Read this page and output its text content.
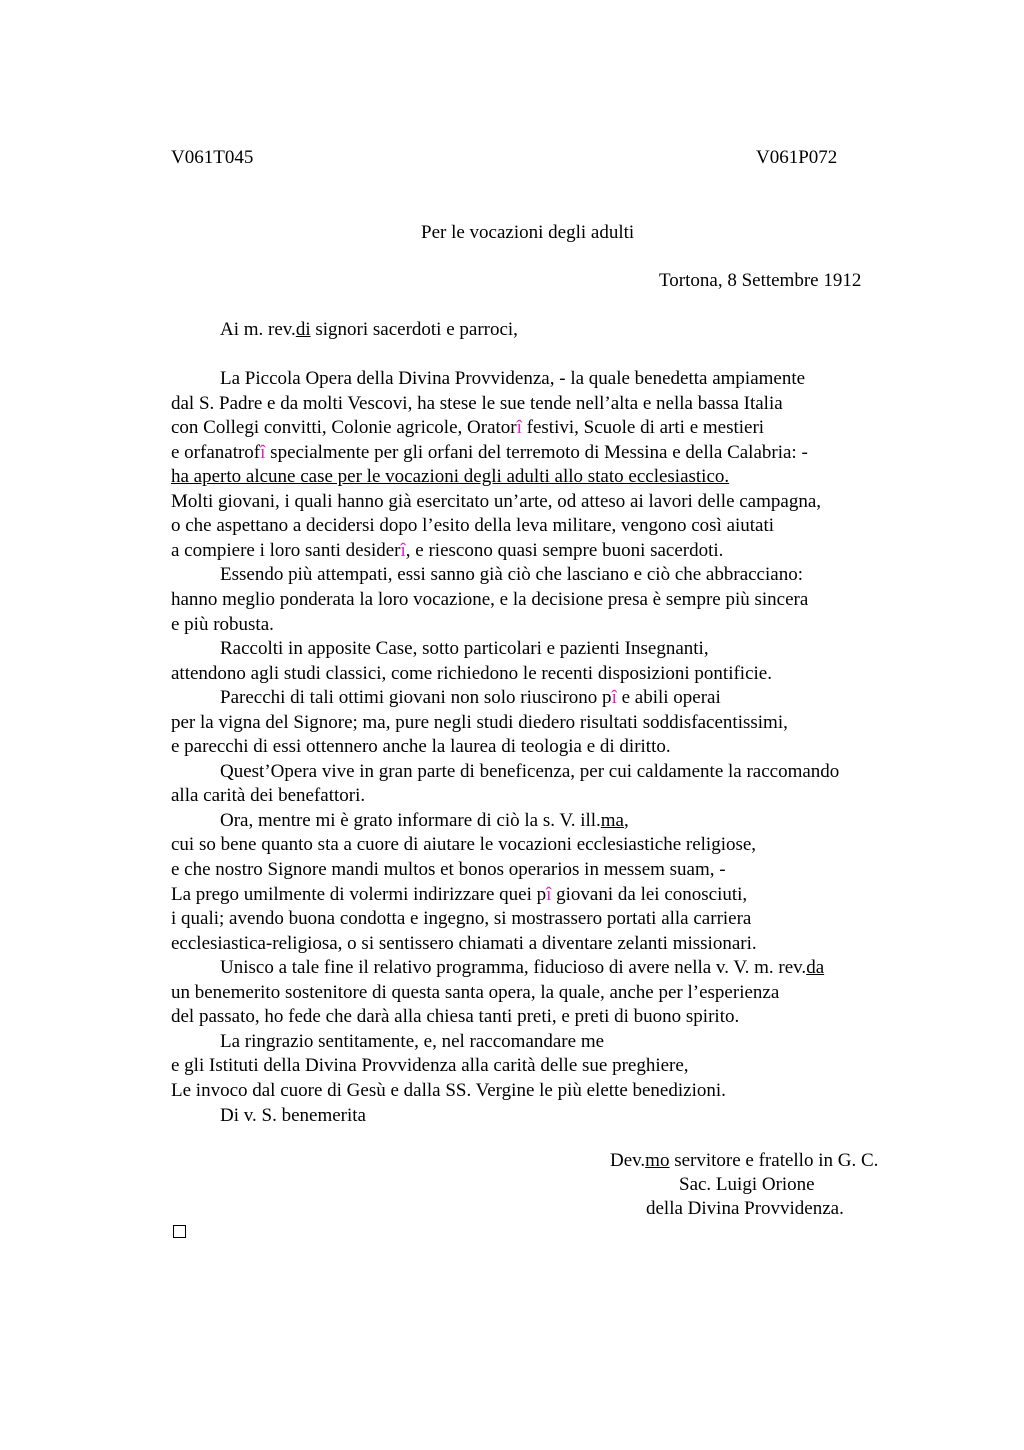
V061T045	V061P072
Per le vocazioni degli adulti
Tortona, 8 Settembre 1912
Ai m. rev.di signori sacerdoti e parroci,
La Piccola Opera della Divina Provvidenza, - la quale benedetta ampiamente
dal S. Padre e da molti Vescovi, ha stese le sue tende nell’alta e nella bassa Italia
con Collegi convitti, Colonie agricole, Oratorî festivi, Scuole di arti e mestieri
e orfanatrofî specialmente per gli orfani del terremoto di Messina e della Calabria: -
ha aperto alcune case per le vocazioni degli adulti allo stato ecclesiastico.
Molti giovani, i quali hanno già esercitato un’arte, od atteso ai lavori delle campagna,
o che aspettano a decidersi dopo l’esito della leva militare, vengono così aiutati
a compiere i loro santi desiderî, e riescono quasi sempre buoni sacerdoti.
Essendo più attempati, essi sanno già ciò che lasciano e ciò che abbracciano:
hanno meglio ponderata la loro vocazione, e la decisione presa è sempre più sincera
e più robusta.
Raccolti in apposite Case, sotto particolari e pazienti Insegnanti,
attendono agli studi classici, come richiedono le recenti disposizioni pontificie.
Parecchi di tali ottimi giovani non solo riuscirono pî e abili operai
per la vigna del Signore; ma, pure negli studi diedero risultati soddisfacentissimi,
e parecchi di essi ottennero anche la laurea di teologia e di diritto.
Quest’Opera vive in gran parte di beneficenza, per cui caldamente la raccomando
alla carità dei benefattori.
Ora, mentre mi è grato informare di ciò la s. V. ill.ma,
cui so bene quanto sta a cuore di aiutare le vocazioni ecclesiastiche religiose,
e che nostro Signore mandi multos et bonos operarios in messem suam, -
La prego umilmente di volermi indirizzare quei pî giovani da lei conosciuti,
i quali; avendo buona condotta e ingegno, si mostrassero portati alla carriera
ecclesiastica-religiosa, o si sentissero chiamati a diventare zelanti missionari.
Unisco a tale fine il relativo programma, fiducioso di avere nella v. V. m. rev.da
un benemerito sostenitore di questa santa opera, la quale, anche per l’esperienza
del passato, ho fede che darà alla chiesa tanti preti, e preti di buono spirito.
La ringrazio sentitamente, e, nel raccomandare me
e gli Istituti della Divina Provvidenza alla carità delle sue preghiere,
Le invoco dal cuore di Gesù e dalla SS. Vergine le più elette benedizioni.
Di v. S. benemerita
Dev.mo servitore e fratello in G. C.
Sac. Luigi Orione
della Divina Provvidenza.
